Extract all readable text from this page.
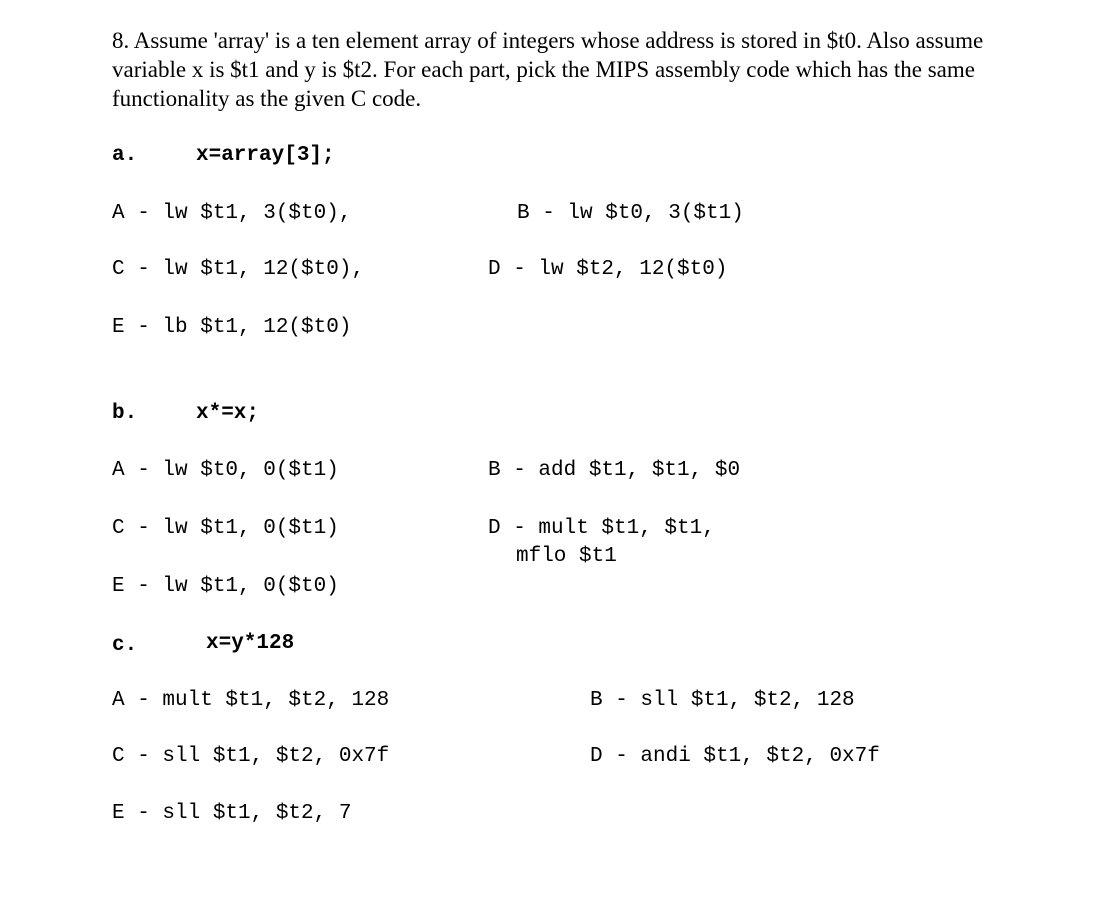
8. Assume 'array' is a ten element array of integers whose address is stored in $t0. Also assume variable x is $t1 and y is $t2. For each part, pick the MIPS assembly code which has the same functionality as the given C code.

a.	x=array[3];
A - lw $t1, 3($t0),	B - lw $t0, 3($t1)
C - lw $t1, 12($t0),	D - lw $t2, 12($t0)
E - lb $t1, 12($t0)
b.	x*=x;
A - lw $t0, 0($t1)	B - add $t1, $t1, $0
C - lw $t1, 0($t1)	D - mult $t1, $t1,
mflo $t1
E - lw $t1, 0($t0)
c.	x=y*128
A - mult $t1, $t2, 128	B - sll $t1, $t2, 128
C - sll $t1, $t2, 0x7f	D - andi $t1, $t2, 0x7f
E - sll $t1, $t2, 7
